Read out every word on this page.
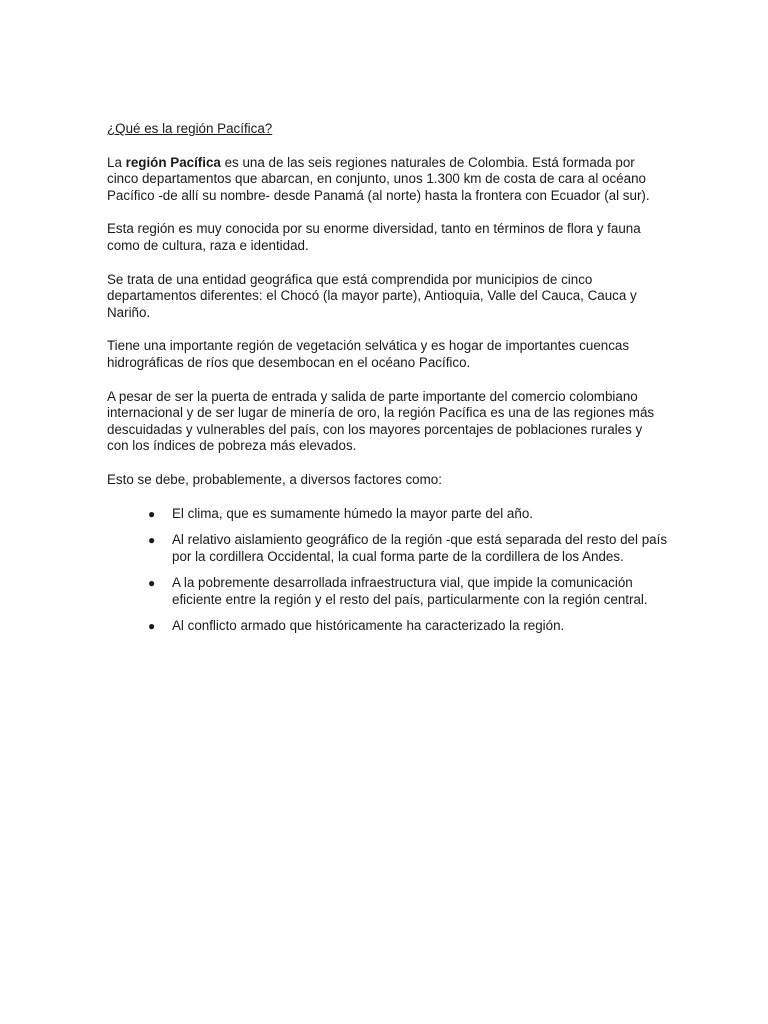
¿Qué es la región Pacífica?

La región Pacífica es una de las seis regiones naturales de Colombia. Está formada por cinco departamentos que abarcan, en conjunto, unos 1.300 km de costa de cara al océano Pacífico -de allí su nombre- desde Panamá (al norte) hasta la frontera con Ecuador (al sur).

Esta región es muy conocida por su enorme diversidad, tanto en términos de flora y fauna como de cultura, raza e identidad.

Se trata de una entidad geográfica que está comprendida por municipios de cinco departamentos diferentes: el Chocó (la mayor parte), Antioquia, Valle del Cauca, Cauca y Nariño.

Tiene una importante región de vegetación selvática y es hogar de importantes cuencas hidrográficas de ríos que desembocan en el océano Pacífico.

A pesar de ser la puerta de entrada y salida de parte importante del comercio colombiano internacional y de ser lugar de minería de oro, la región Pacífica es una de las regiones más descuidadas y vulnerables del país, con los mayores porcentajes de poblaciones rurales y con los índices de pobreza más elevados.

Esto se debe, probablemente, a diversos factores como:

● El clima, que es sumamente húmedo la mayor parte del año.
● Al relativo aislamiento geográfico de la región -que está separada del resto del país por la cordillera Occidental, la cual forma parte de la cordillera de los Andes.
● A la pobremente desarrollada infraestructura vial, que impide la comunicación eficiente entre la región y el resto del país, particularmente con la región central.
● Al conflicto armado que históricamente ha caracterizado la región.
